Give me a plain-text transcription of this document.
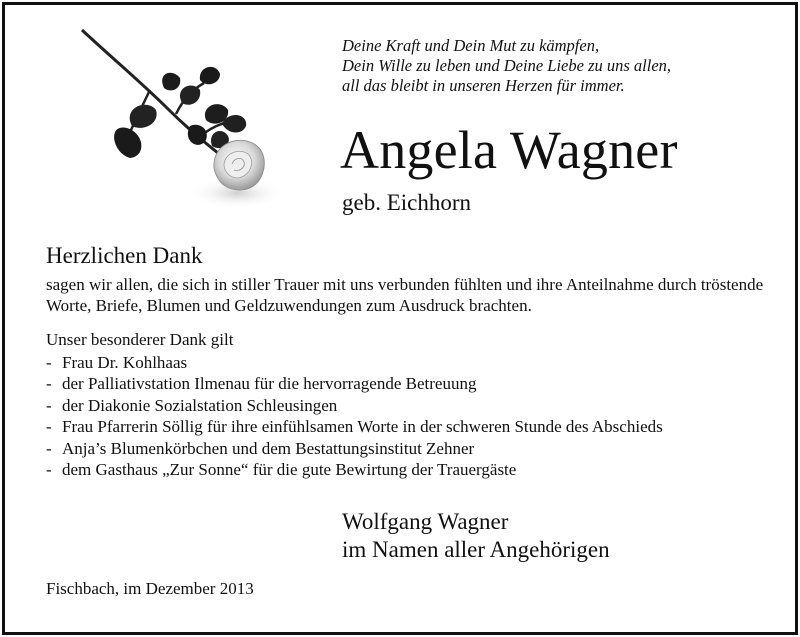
Deine Kraft und Dein Mut zu kämpfen,
Dein Wille zu leben und Deine Liebe zu uns allen,
all das bleibt in unseren Herzen für immer.
Angela Wagner
geb. Eichhorn
Herzlichen Dank
sagen wir allen, die sich in stiller Trauer mit uns verbunden fühlten und ihre Anteilnahme durch tröstende Worte, Briefe, Blumen und Geldzuwendungen zum Ausdruck brachten.
Unser besonderer Dank gilt
- Frau Dr. Kohlhaas
- der Palliativstation Ilmenau für die hervorragende Betreuung
- der Diakonie Sozialstation Schleusingen
- Frau Pfarrerin Söllig für ihre einfühlsamen Worte in der schweren Stunde des Abschieds
- Anja’s Blumenkörbchen und dem Bestattungsinstitut Zehner
- dem Gasthaus „Zur Sonne“ für die gute Bewirtung der Trauergäste
Wolfgang Wagner
im Namen aller Angehörigen
Fischbach, im Dezember 2013
